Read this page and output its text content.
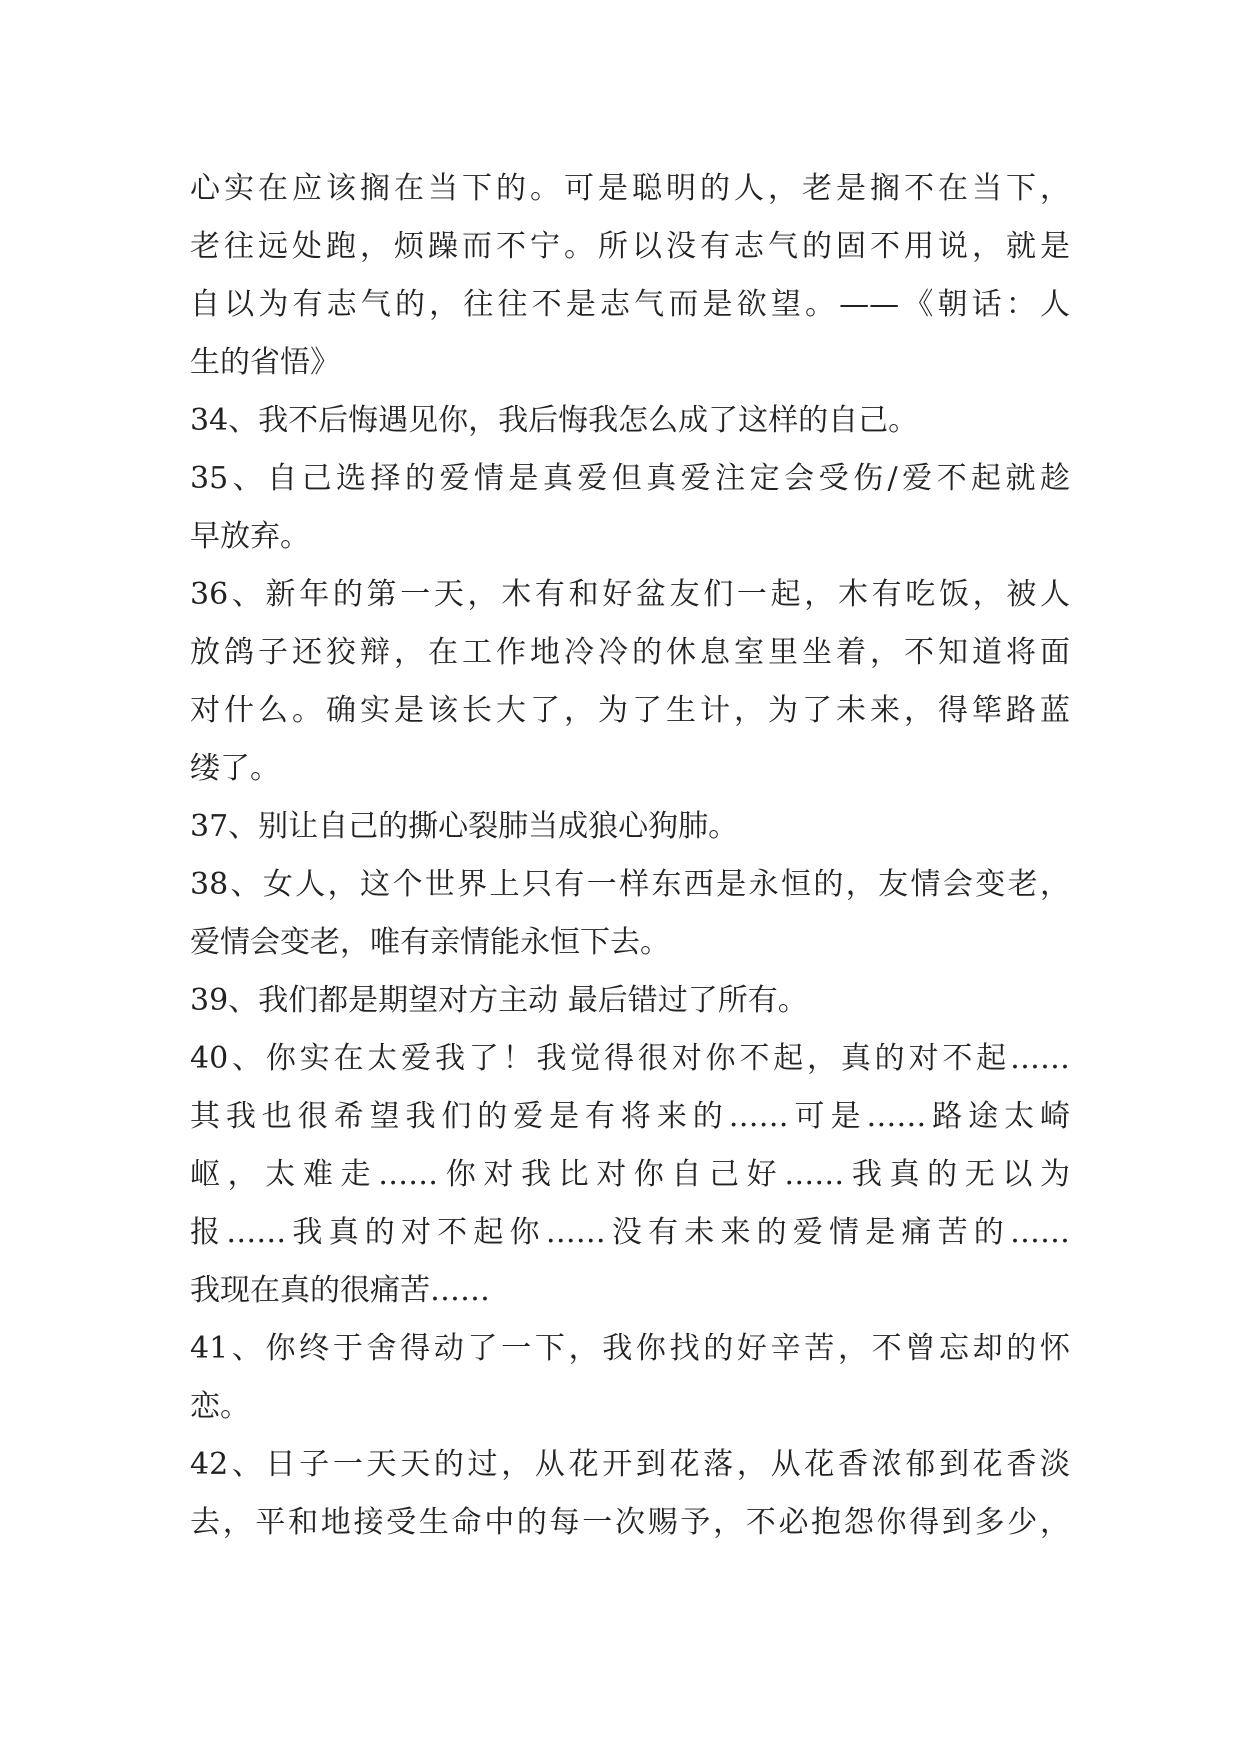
心实在应该搁在当下的。可是聪明的人，老是搁不在当下，
老往远处跑，烦躁而不宁。所以没有志气的固不用说，就是
自以为有志气的，往往不是志气而是欲望。——《朝话：人
生的省悟》
34、我不后悔遇见你，我后悔我怎么成了这样的自己。
35、自己选择的爱情是真爱但真爱注定会受伤/爱不起就趁
早放弃。
36、新年的第一天，木有和好盆友们一起，木有吃饭，被人
放鸽子还狡辩，在工作地冷冷的休息室里坐着，不知道将面
对什么。确实是该长大了，为了生计，为了未来，得筚路蓝
缕了。
37、别让自己的撕心裂肺当成狼心狗肺。
38、女人，这个世界上只有一样东西是永恒的，友情会变老，
爱情会变老，唯有亲情能永恒下去。
39、我们都是期望对方主动 最后错过了所有。
40、你实在太爱我了！我觉得很对你不起，真的对不起……
其我也很希望我们的爱是有将来的……可是……路途太崎
岖，太难走……你对我比对你自己好……我真的无以为
报……我真的对不起你……没有未来的爱情是痛苦的……
我现在真的很痛苦……
41、你终于舍得动了一下，我你找的好辛苦，不曾忘却的怀
恋。
42、日子一天天的过，从花开到花落，从花香浓郁到花香淡
去，平和地接受生命中的每一次赐予，不必抱怨你得到多少，
